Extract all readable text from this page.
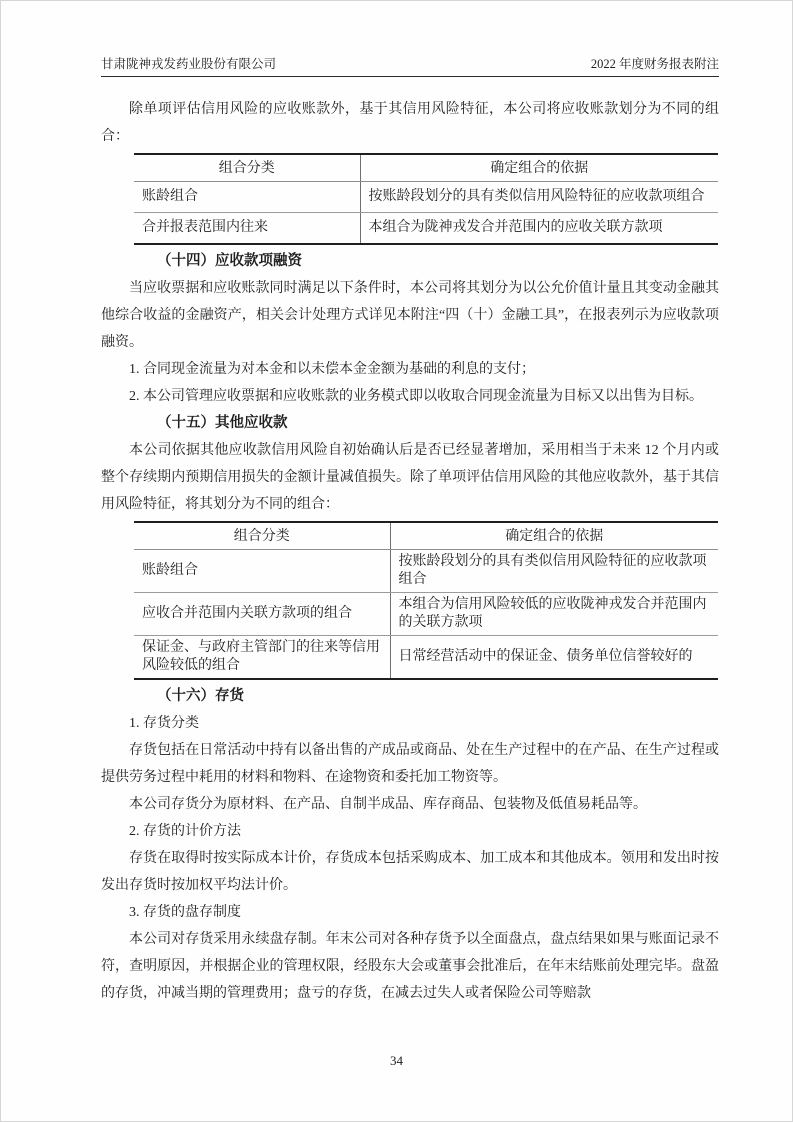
甘肃陇神戎发药业股份有限公司	2022 年度财务报表附注

除单项评估信用风险的应收账款外，基于其信用风险特征，本公司将应收账款划分为不同的组合：

组合分类	确定组合的依据
账龄组合	按账龄段划分的具有类似信用风险特征的应收款项组合
合并报表范围内往来	本组合为陇神戎发合并范围内的应收关联方款项
（十四）应收款项融资

当应收票据和应收账款同时满足以下条件时，本公司将其划分为以公允价值计量且其变动金融其他综合收益的金融资产，相关会计处理方式详见本附注“四（十）金融工具”，在报表列示为应收款项融资。

1. 合同现金流量为对本金和以未偿本金金额为基础的利息的支付；

2. 本公司管理应收票据和应收账款的业务模式即以收取合同现金流量为目标又以出售为目标。

（十五）其他应收款

本公司依据其他应收款信用风险自初始确认后是否已经显著增加，采用相当于未来 12 个月内或整个存续期内预期信用损失的金额计量减值损失。除了单项评估信用风险的其他应收款外，基于其信用风险特征，将其划分为不同的组合：

组合分类	确定组合的依据
账龄组合	按账龄段划分的具有类似信用风险特征的应收款项组合
应收合并范围内关联方款项的组合	本组合为信用风险较低的应收陇神戎发合并范围内的关联方款项
保证金、与政府主管部门的往来等信用风险较低的组合	日常经营活动中的保证金、债务单位信誉较好的
（十六）存货

1. 存货分类

存货包括在日常活动中持有以备出售的产成品或商品、处在生产过程中的在产品、在生产过程或提供劳务过程中耗用的材料和物料、在途物资和委托加工物资等。

本公司存货分为原材料、在产品、自制半成品、库存商品、包装物及低值易耗品等。

2. 存货的计价方法

存货在取得时按实际成本计价，存货成本包括采购成本、加工成本和其他成本。领用和发出时按发出存货时按加权平均法计价。

3. 存货的盘存制度

本公司对存货采用永续盘存制。年末公司对各种存货予以全面盘点，盘点结果如果与账面记录不符，查明原因，并根据企业的管理权限，经股东大会或董事会批准后，在年末结账前处理完毕。盘盈的存货，冲减当期的管理费用；盘亏的存货，在减去过失人或者保险公司等赔款

34
